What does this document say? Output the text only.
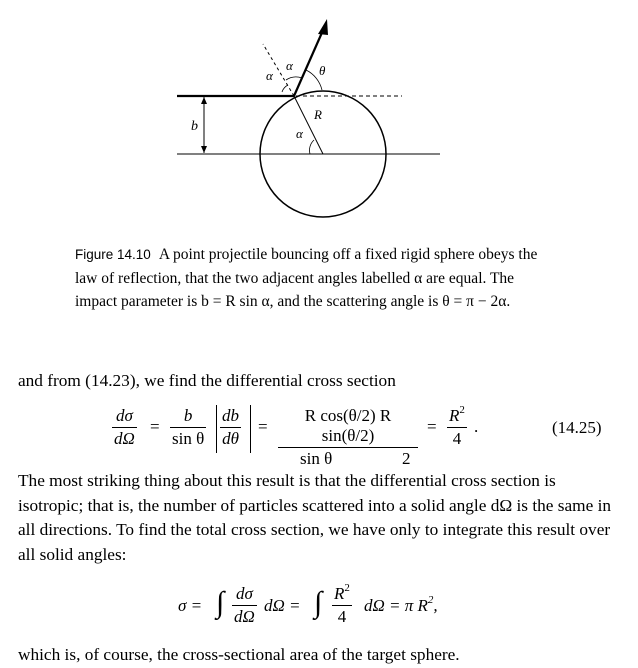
α
α θ
R
α
b
Figure 14.10 A point projectile bouncing off a fixed rigid sphere obeys the law of reflection, that the two adjacent angles labelled α are equal. The impact parameter is b = R sin α, and the scattering angle is θ = π − 2α.
and from (14.23), we find the differential cross section
dσ
dΩ
=
b
sin θ
db
dθ
=
R cos(θ/2) R sin(θ/2)
sin θ	2
=
$R^2$
4
.	(14.25)
The most striking thing about this result is that the differential cross section is isotropic; that is, the number of particles scattered into a solid angle dΩ is the same in all directions. To find the total cross section, we have only to integrate this result over all solid angles:
σ = ∫ dσ
dΩ
dΩ = ∫ $R^2$
4
dΩ = π $R^2$,
which is, of course, the cross-sectional area of the target sphere.
